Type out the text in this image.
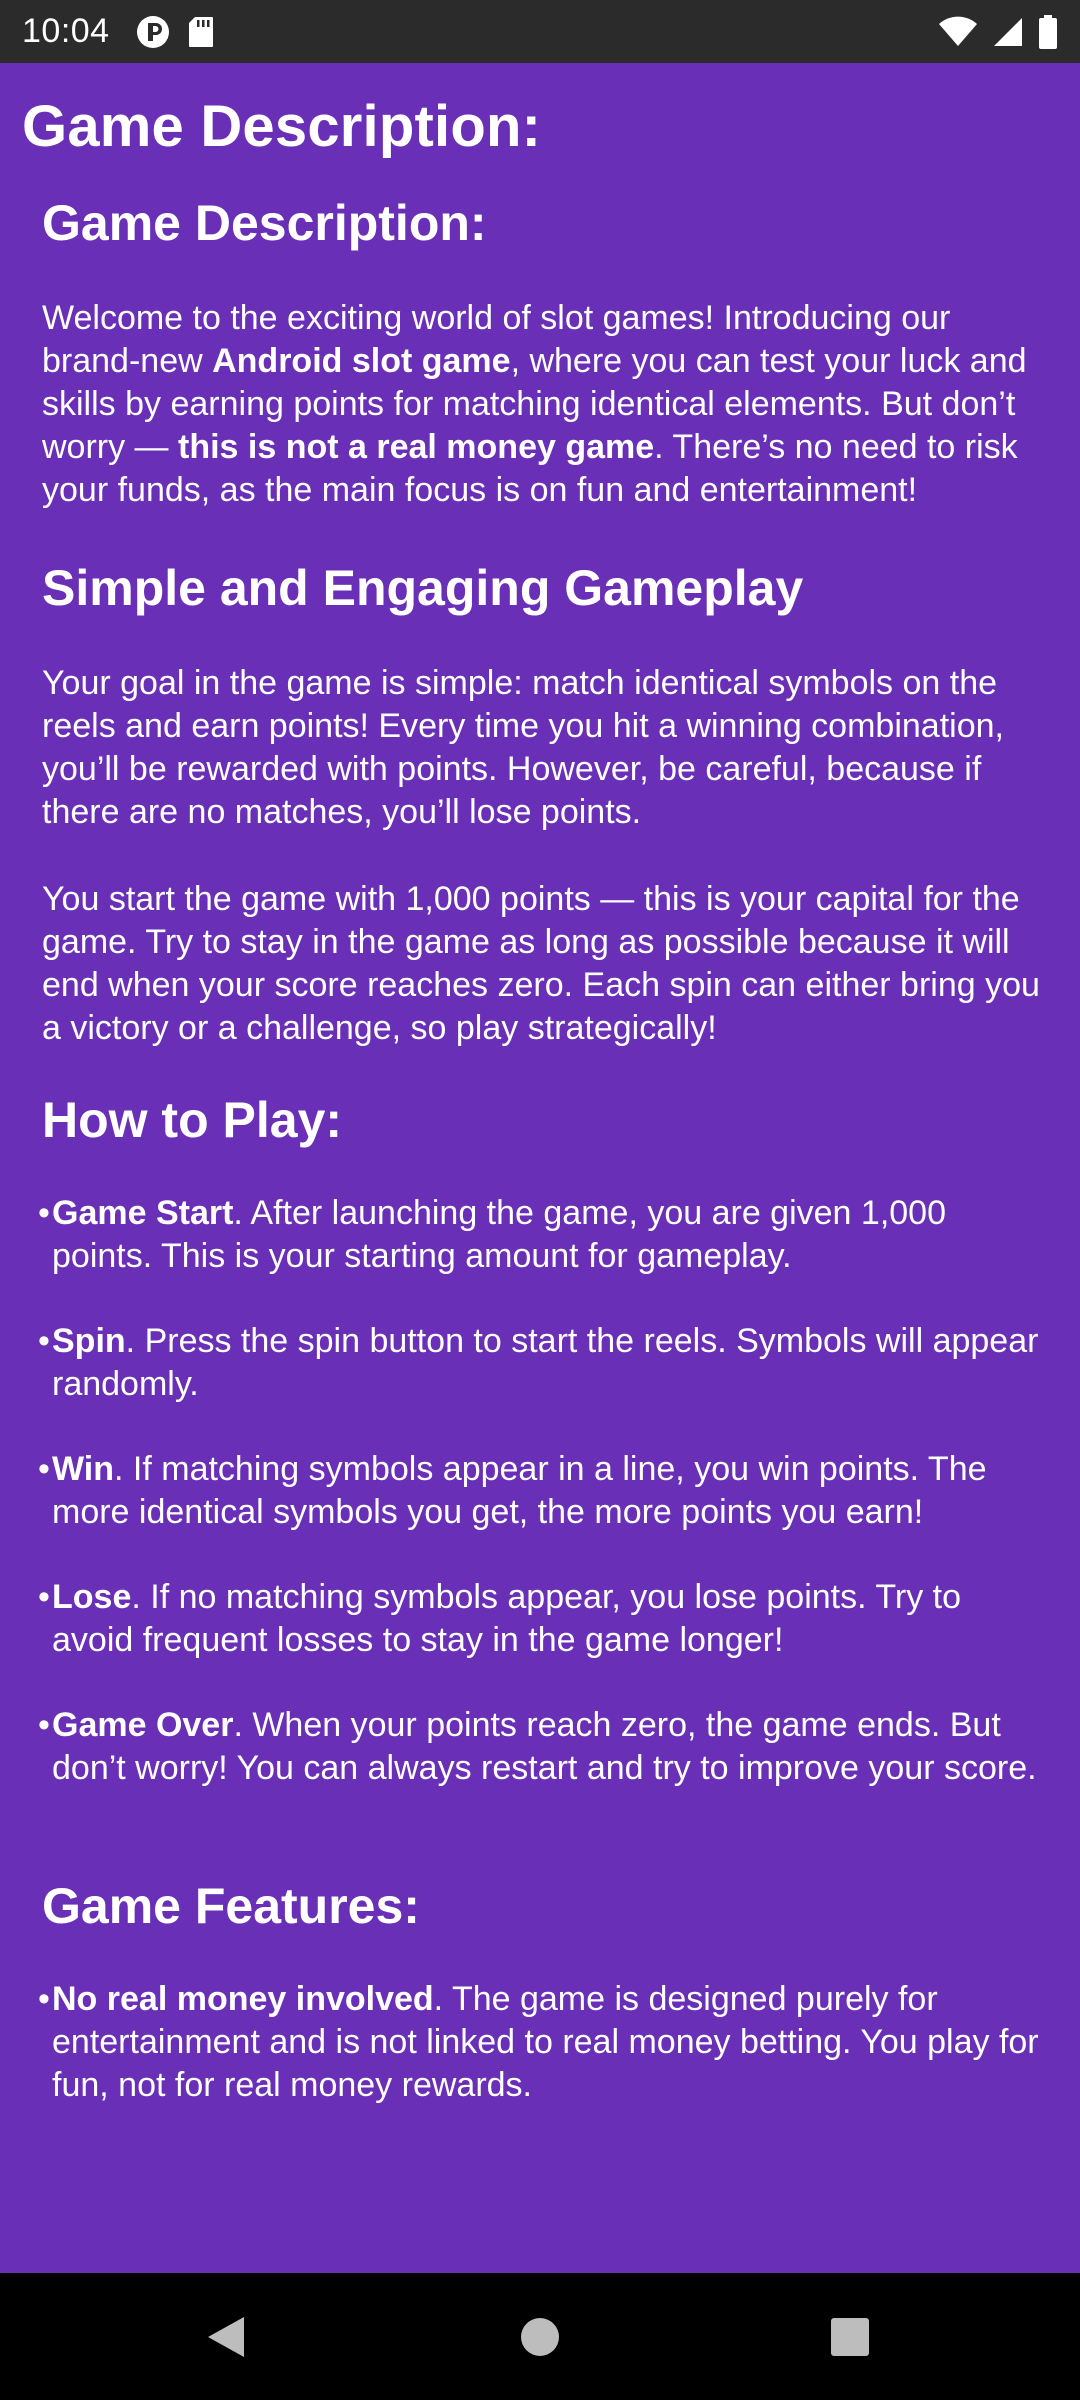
10:04
Game Description:
Game Description:

Welcome to the exciting world of slot games! Introducing our brand-new Android slot game, where you can test your luck and skills by earning points for matching identical elements. But don’t worry — this is not a real money game. There’s no need to risk your funds, as the main focus is on fun and entertainment!

Simple and Engaging Gameplay

Your goal in the game is simple: match identical symbols on the reels and earn points! Every time you hit a winning combination, you’ll be rewarded with points. However, be careful, because if there are no matches, you’ll lose points.

You start the game with 1,000 points — this is your capital for the game. Try to stay in the game as long as possible because it will end when your score reaches zero. Each spin can either bring you a victory or a challenge, so play strategically!

How to Play:
• Game Start. After launching the game, you are given 1,000 points. This is your starting amount for gameplay.
• Spin. Press the spin button to start the reels. Symbols will appear randomly.
• Win. If matching symbols appear in a line, you win points. The more identical symbols you get, the more points you earn!
• Lose. If no matching symbols appear, you lose points. Try to avoid frequent losses to stay in the game longer!
• Game Over. When your points reach zero, the game ends. But don’t worry! You can always restart and try to improve your score.
Game Features:
• No real money involved. The game is designed purely for entertainment and is not linked to real money betting. You play for fun, not for real money rewards.
